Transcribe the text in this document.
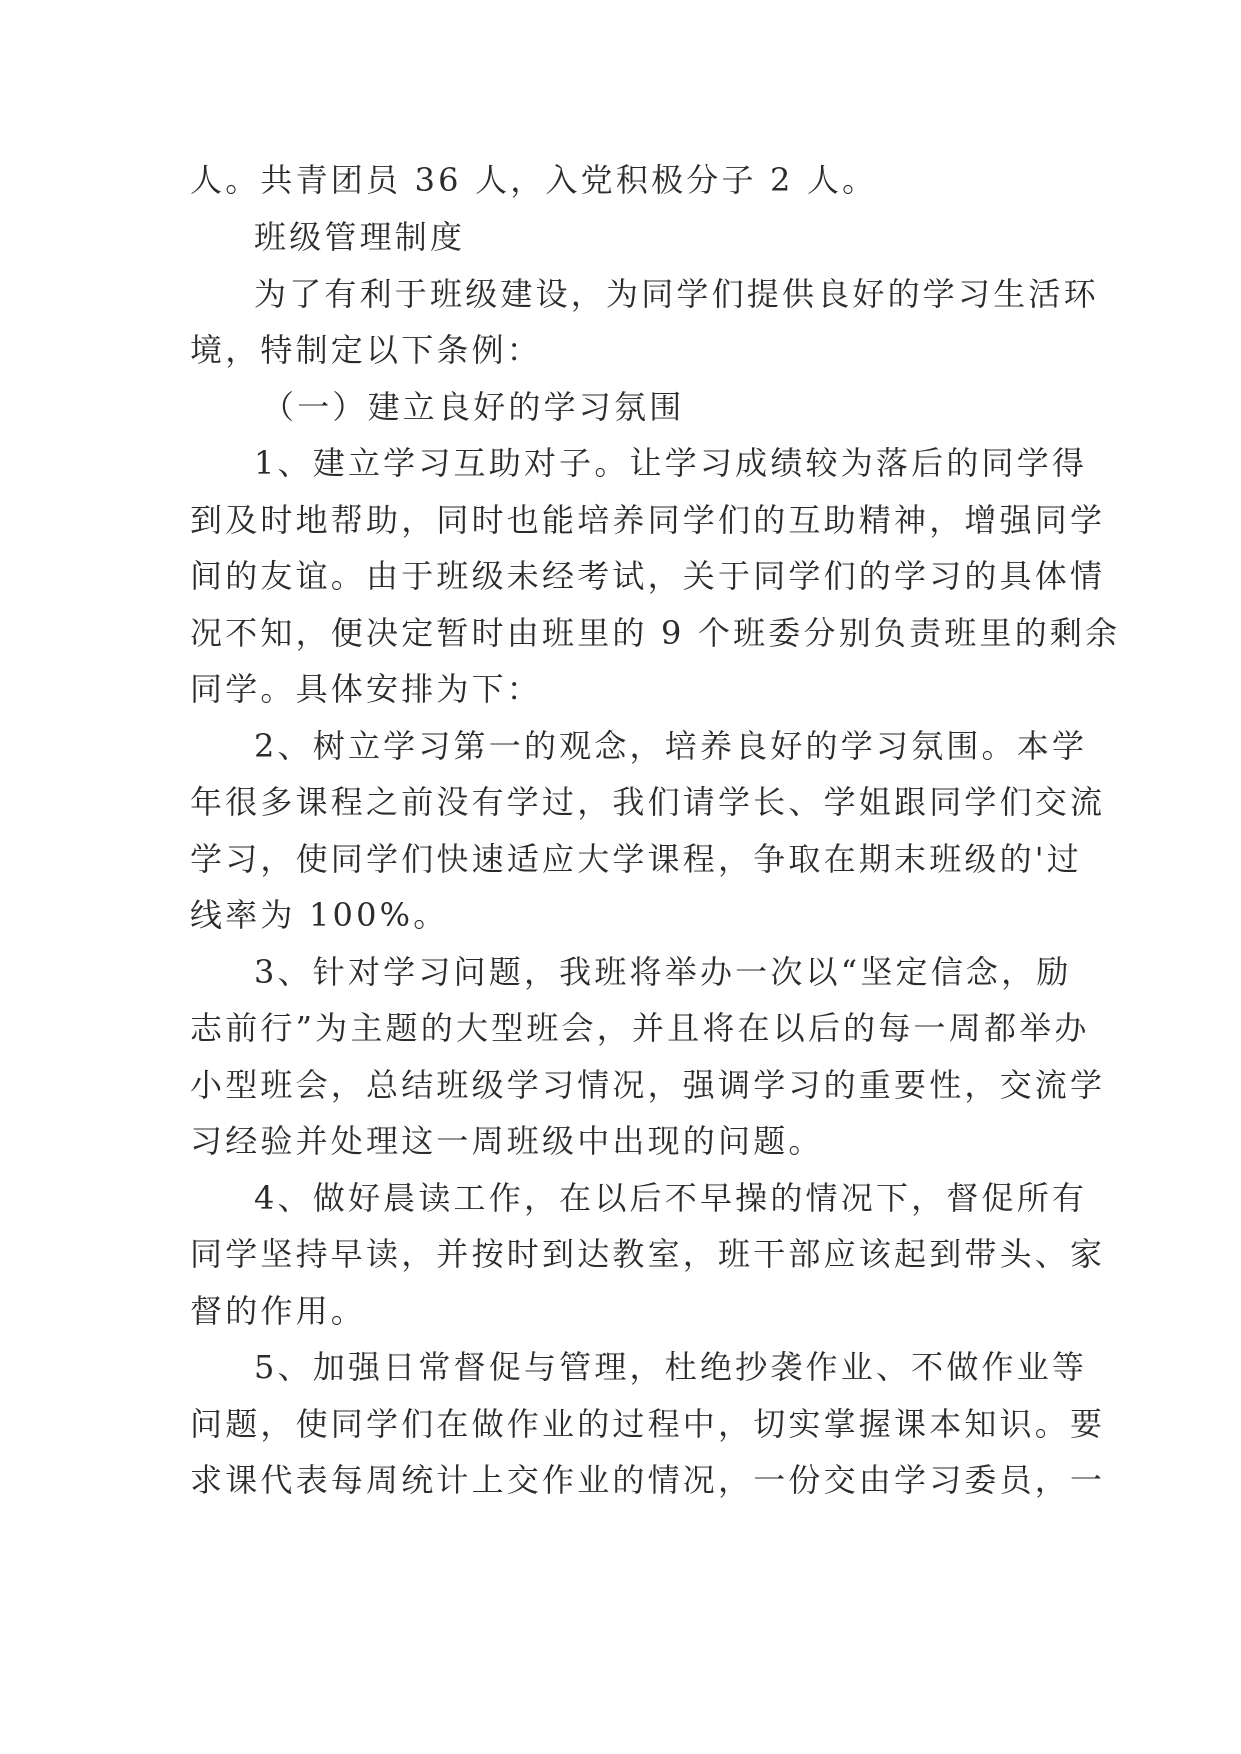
人。共青团员 36 人，入党积极分子 2 人。
班级管理制度
为了有利于班级建设，为同学们提供良好的学习生活环
境，特制定以下条例：
（一）建立良好的学习氛围
1、建立学习互助对子。让学习成绩较为落后的同学得
到及时地帮助，同时也能培养同学们的互助精神，增强同学
间的友谊。由于班级未经考试，关于同学们的学习的具体情
况不知，便决定暂时由班里的 9 个班委分别负责班里的剩余
同学。具体安排为下：
2、树立学习第一的观念，培养良好的学习氛围。本学
年很多课程之前没有学过，我们请学长、学姐跟同学们交流
学习，使同学们快速适应大学课程，争取在期末班级的'过
线率为 100%。
3、针对学习问题，我班将举办一次以“坚定信念，励
志前行”为主题的大型班会，并且将在以后的每一周都举办
小型班会，总结班级学习情况，强调学习的重要性，交流学
习经验并处理这一周班级中出现的问题。
4、做好晨读工作，在以后不早操的情况下，督促所有
同学坚持早读，并按时到达教室，班干部应该起到带头、家
督的作用。
5、加强日常督促与管理，杜绝抄袭作业、不做作业等
问题，使同学们在做作业的过程中，切实掌握课本知识。要
求课代表每周统计上交作业的情况，一份交由学习委员，一
